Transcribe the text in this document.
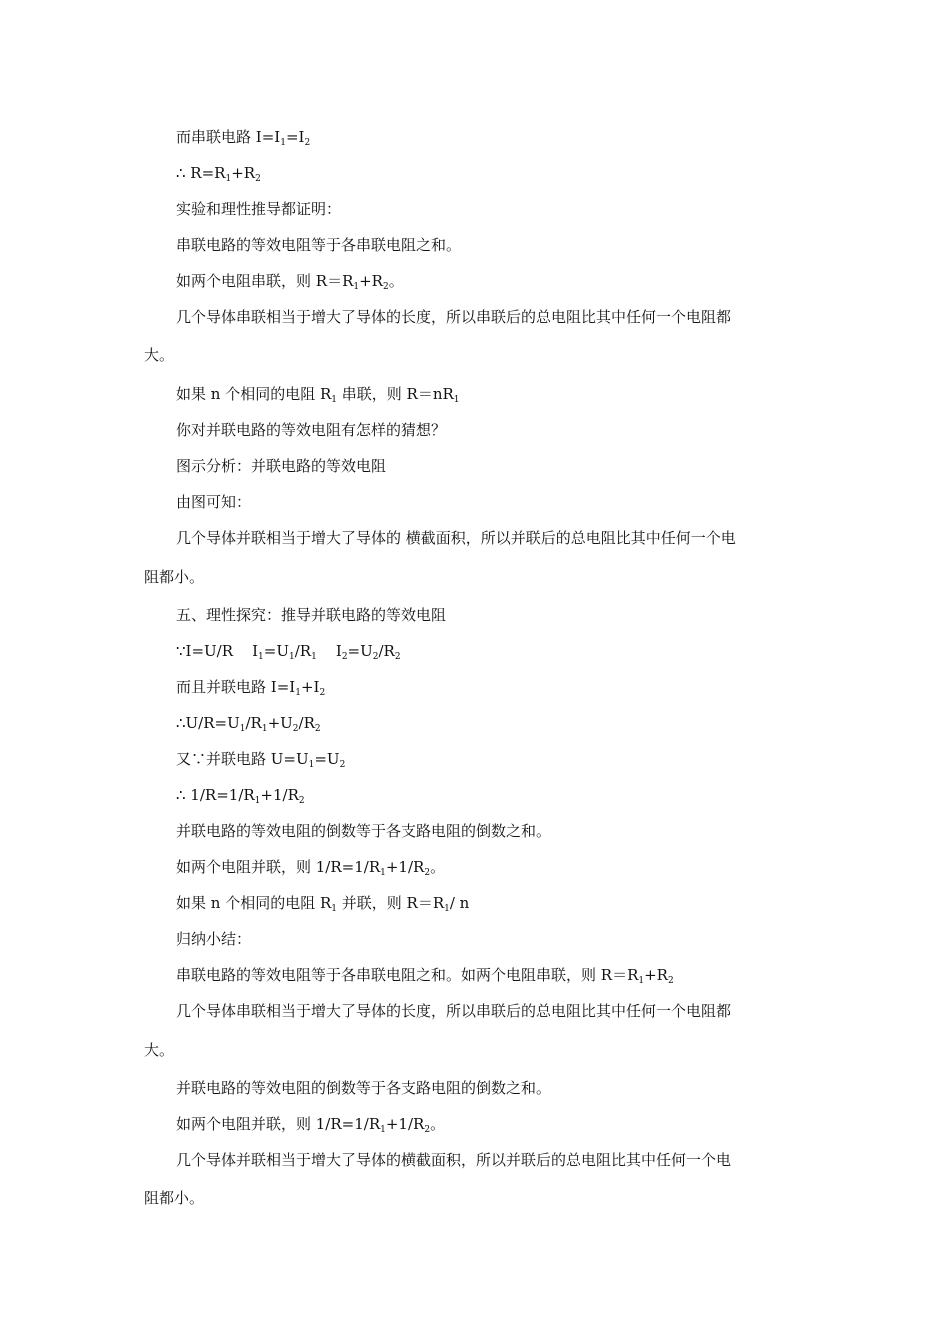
而串联电路 $I=I_1=I_2$
∴ $R=R_1+R_2$
实验和理性推导都证明：
串联电路的等效电阻等于各串联电阻之和。
如两个电阻串联，则 $R=R_1+R_2$。
几个导体串联相当于增大了导体的长度，所以串联后的总电阻比其中任何一个电阻都
大。
如果 n 个相同的电阻 $R_1$ 串联，则 $R=nR_1$
你对并联电路的等效电阻有怎样的猜想？
图示分析：并联电路的等效电阻
由图可知：
几个导体并联相当于增大了导体的 横截面积，所以并联后的总电阻比其中任何一个电
阻都小。
五、理性探究：推导并联电路的等效电阻
∵I=U/R    $I_1=U_1/R_1$    $I_2=U_2/R_2$
而且并联电路 $I=I_1+I_2$
$\therefore U/R=U_1/R_1+U_2/R_2$
又∵并联电路 $U=U_1=U_2$
∴ $1/R=1/R_1+1/R_2$
并联电路的等效电阻的倒数等于各支路电阻的倒数之和。
如两个电阻并联，则 $1/R=1/R_1+1/R_2$。
如果 n 个相同的电阻 $R_1$ 并联，则 $R=R_1/$ n
归纳小结：
串联电路的等效电阻等于各串联电阻之和。如两个电阻串联，则 $R=R_1+R_2$
几个导体串联相当于增大了导体的长度，所以串联后的总电阻比其中任何一个电阻都
大。
并联电路的等效电阻的倒数等于各支路电阻的倒数之和。
如两个电阻并联，则 $1/R=1/R_1+1/R_2$。
几个导体并联相当于增大了导体的横截面积，所以并联后的总电阻比其中任何一个电
阻都小。
